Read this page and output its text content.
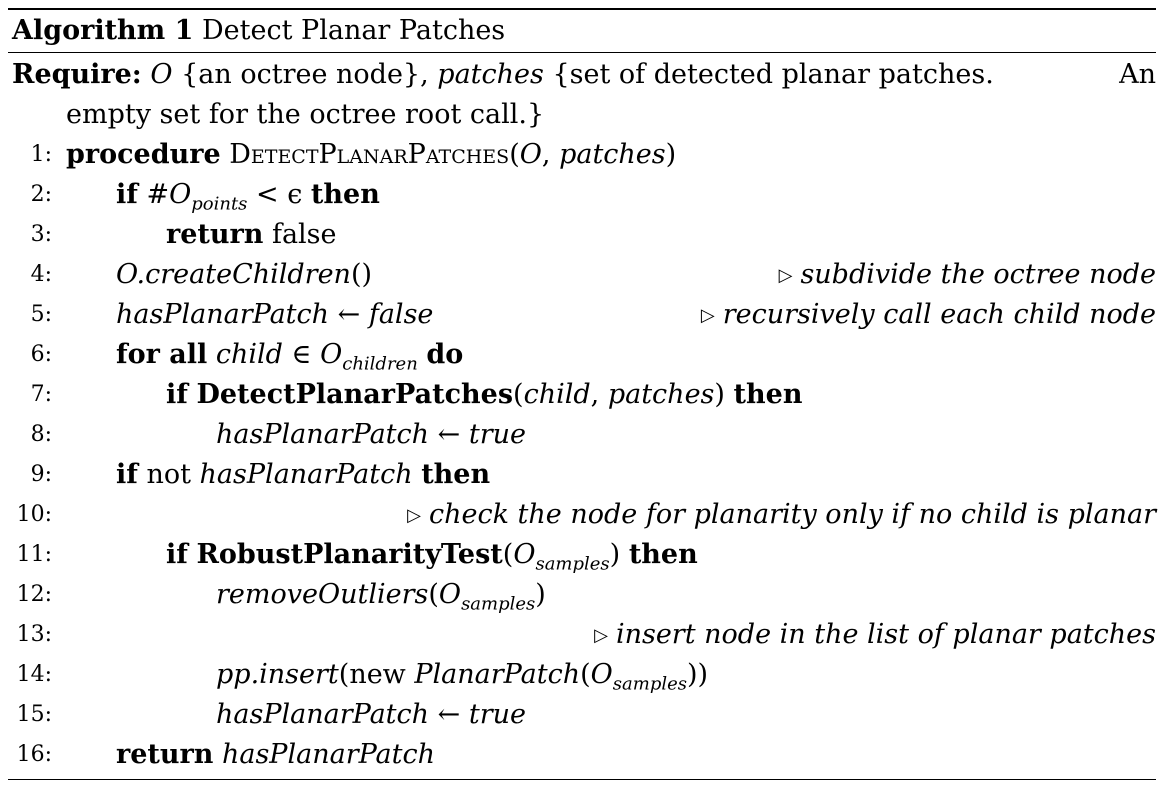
Algorithm 1 Detect Planar Patches
Require: O {an octree node}, patches {set of detected planar patches.	An
empty set for the octree root call.}
1: procedure DetectPlanarPatches(O, patches)
2: if $\#O_{points} < \epsilon$ then
3:	return false
4: O.createChildren()	▷ subdivide the octree node
5: hasPlanarPatch ← false	▷ recursively call each child node
6: for all child ∈ $O_{children}$ do
7:	if DetectPlanarPatches(child, patches) then
8:	hasPlanarPatch ← true
9: if not hasPlanarPatch then
10:	▷ check the node for planarity only if no child is planar
11:	if $RobustPlanarityTest(O_{samples})$ then
12:	$removeOutliers(O_{samples})$
13:	▷ insert node in the list of planar patches
14:	pp.insert(new $PlanarPatch(O_{samples})$)
15:	hasPlanarPatch ← true
16: return hasPlanarPatch
